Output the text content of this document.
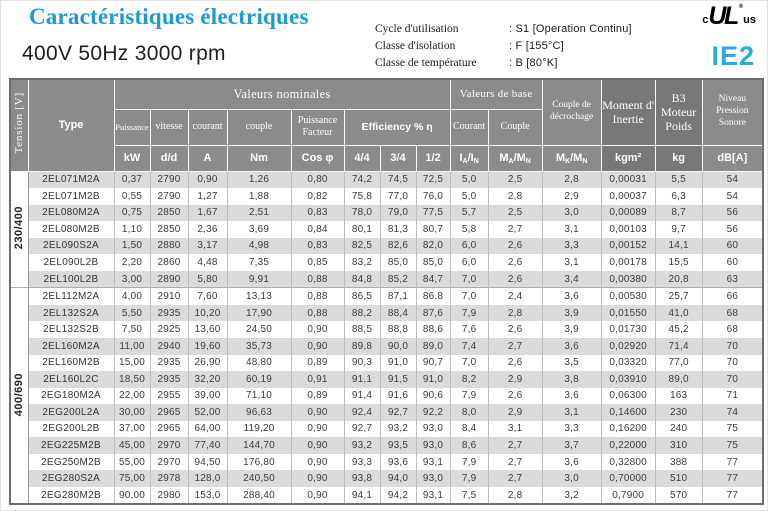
Caractéristiques électriques
400V 50Hz 3000 rpm
Cycle d'utilisation	: S1 [Operation Continu]
Classe d'isolation	: F [155°C]
Classe de température	: B [80°K]
c UL ®
us
IE2
Tension [V]	Type	Valeurs nominales								Valeurs de base		Couple de décrochage	Moment d' Inertie	B3 Moteur Poids	Niveau Pression Sonore
		Puissance	vitesse	courant	couple	Puissance Facteur	Efficiency % η			Courant	Couple				
		kW	d/d	A	Nm	Cos φ	4/4	3/4	1/2	$I_A/I_N$	$M_A/M_N$	$M_K/M_N$	kgm²	kg	dB[A]
230/400	2EL071M2A	0,37	2790	0,90	1,26	0,80	74,2	74,5	72,5	5,0	2,5	2,8	0,00031	5,5	54
	2EL071M2B	0,55	2790	1,27	1,88	0,82	75,8	77,0	76,0	5,0	2,8	2,9	0,00037	6,3	54
	2EL080M2A	0,75	2850	1,67	2,51	0,83	78,0	79,0	77,5	5,7	2,5	3,0	0,00089	8,7	56
	2EL080M2B	1,10	2850	2,36	3,69	0,84	80,1	81,3	80,7	5,8	2,7	3,1	0,00103	9,7	56
	2EL090S2A	1,50	2880	3,17	4,98	0,83	82,5	82,6	82,0	6,0	2,6	3,3	0,00152	14,1	60
	2EL090L2B	2,20	2860	4,48	7,35	0,85	83,2	85,0	85,0	6,0	2,6	3,1	0,00178	15,5	60
	2EL100L2B	3,00	2890	5,80	9,91	0,88	84,8	85,2	84,7	7,0	2,6	3,4	0,00380	20,8	63
400/690	2EL112M2A	4,00	2910	7,60	13,13	0,88	86,5	87,1	86,8	7,0	2,4	3,6	0,00530	25,7	66
	2EL132S2A	5,50	2935	10,20	17,90	0,88	88,2	88,4	87,6	7,9	2,8	3,9	0,01550	41,0	68
	2EL132S2B	7,50	2925	13,60	24,50	0,90	88,5	88,8	88,6	7,6	2,6	3,9	0,01730	45,2	68
	2EL160M2A	11,00	2940	19,60	35,73	0,90	89,8	90,0	89,0	7,4	2,7	3,6	0,02920	71,4	70
	2EL160M2B	15,00	2935	26,90	48,80	0,89	90,3	91,0	90,7	7,0	2,6	3,5	0,03320	77,0	70
	2EL160L2C	18,50	2935	32,20	60,19	0,91	91,1	91,5	91,0	8,2	2,9	3,8	0,03910	89,0	70
	2EG180M2A	22,00	2955	39,00	71,10	0,89	91,4	91,6	90,6	7,9	2,6	3,6	0,06300	163	71
	2EG200L2A	30,00	2965	52,00	96,63	0,90	92,4	92,7	92,2	8,0	2,9	3,1	0,14600	230	74
	2EG200L2B	37,00	2965	64,00	119,20	0,90	92,7	93,2	93,0	8,4	3,1	3,3	0,16200	240	75
	2EG225M2B	45,00	2970	77,40	144,70	0,90	93,2	93,5	93,0	8,6	2,7	3,7	0,22000	310	75
	2EG250M2B	55,00	2970	94,50	176,80	0,90	93,3	93,6	93,1	7,9	2,7	3,6	0,32800	388	77
	2EG280S2A	75,00	2978	128,0	240,50	0,90	93,8	94,0	93,0	7,9	2,7	3,0	0,70000	510	77
	2EG280M2B	90,00	2980	153,0	288,40	0,90	94,1	94,2	93,1	7,5	2,8	3,2	0,7900	570	77
